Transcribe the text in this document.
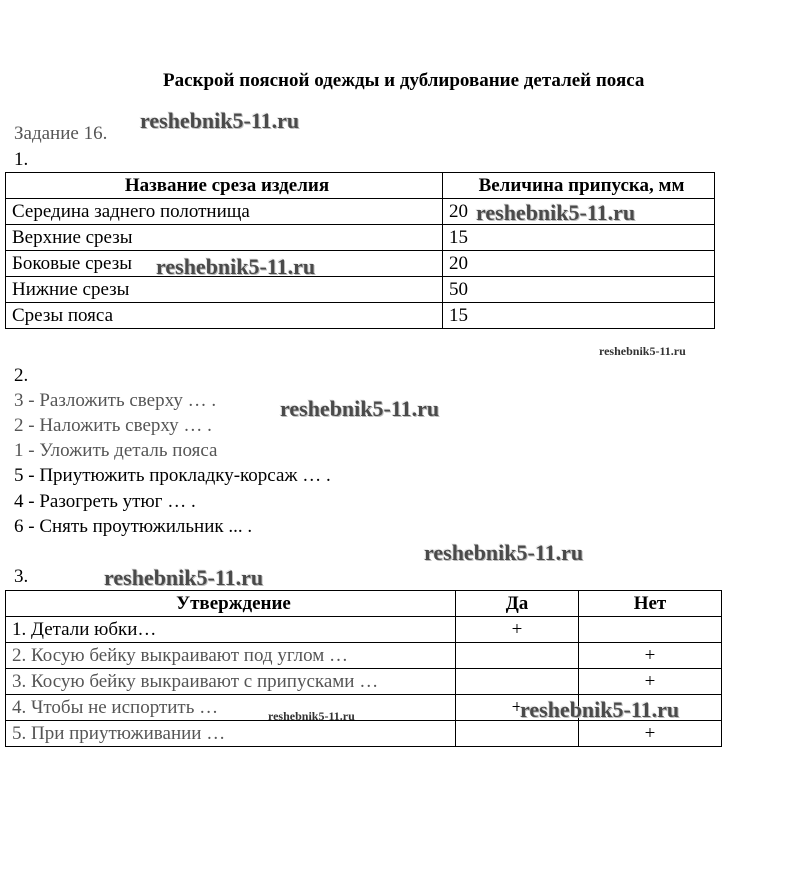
Раскрой поясной одежды и дублирование деталей пояса
Задание 16.
1.
Название среза изделия	Величина припуска, мм
Середина заднего полотнища	20
Верхние срезы	15
Боковые срезы	20
Нижние срезы	50
Срезы пояса	15
2.
3 - Разложить сверху … .
2 - Наложить сверху … .
1 - Уложить деталь пояса
5 - Приутюжить прокладку-корсаж … .
4 - Разогреть утюг … .
6 - Снять проутюжильник ... .
3.
Утверждение	Да	Нет
1. Детали юбки…	+	
2. Косую бейку выкраивают под углом …		+
3. Косую бейку выкраивают с припусками …		+
4. Чтобы не испортить …	+	
5. При приутюживании …		+
reshebnik5-11.ru
reshebnik5-11.ru
reshebnik5-11.ru
reshebnik5-11.ru
reshebnik5-11.ru
reshebnik5-11.ru
reshebnik5-11.ru
reshebnik5-11.ru	reshebnik5-11.ru
